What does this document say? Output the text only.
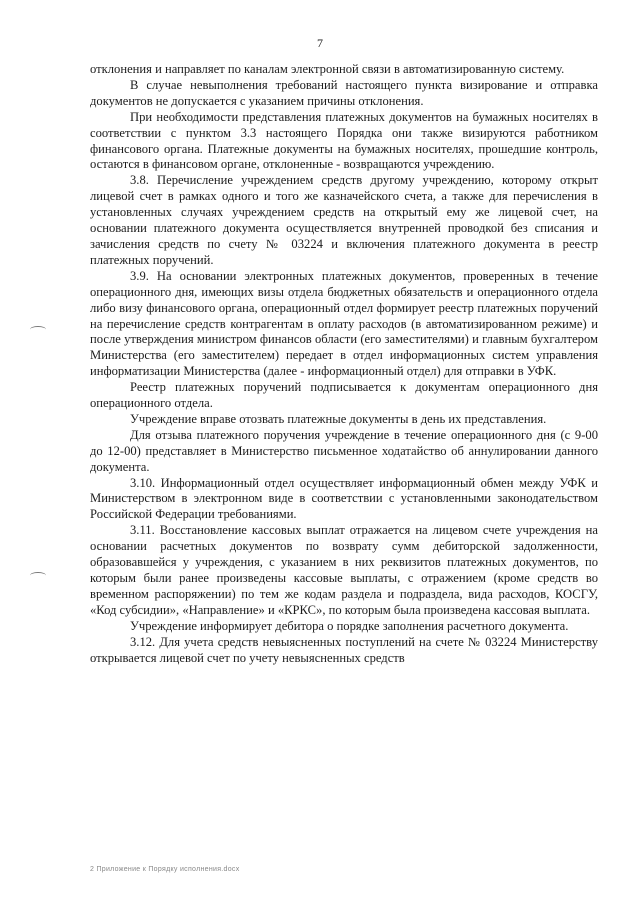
7

отклонения и направляет по каналам электронной связи в автоматизированную систему.

В случае невыполнения требований настоящего пункта визирование и отправка документов не допускается с указанием причины отклонения.

При необходимости представления платежных документов на бумажных носителях в соответствии с пунктом 3.3 настоящего Порядка они также визируются работником финансового органа. Платежные документы на бумажных носителях, прошедшие контроль, остаются в финансовом органе, отклоненные - возвращаются учреждению.

3.8. Перечисление учреждением средств другому учреждению, которому открыт лицевой счет в рамках одного и того же казначейского счета, а также для перечисления в установленных случаях учреждением средств на открытый ему же лицевой счет, на основании платежного документа осуществляется внутренней проводкой без списания и зачисления средств по счету № 03224 и включения платежного документа в реестр платежных поручений.

3.9. На основании электронных платежных документов, проверенных в течение операционного дня, имеющих визы отдела бюджетных обязательств и операционного отдела либо визу финансового органа, операционный отдел формирует реестр платежных поручений на перечисление средств контрагентам в оплату расходов (в автоматизированном режиме) и после утверждения министром финансов области (его заместителями) и главным бухгалтером Министерства (его заместителем) передает в отдел информационных систем управления информатизации Министерства (далее - информационный отдел) для отправки в УФК.

Реестр платежных поручений подписывается к документам операционного дня операционного отдела.

Учреждение вправе отозвать платежные документы в день их представления.

Для отзыва платежного поручения учреждение в течение операционного дня (с 9-00 до 12-00) представляет в Министерство письменное ходатайство об аннулировании данного документа.

3.10. Информационный отдел осуществляет информационный обмен между УФК и Министерством в электронном виде в соответствии с установленными законодательством Российской Федерации требованиями.

3.11. Восстановление кассовых выплат отражается на лицевом счете учреждения на основании расчетных документов по возврату сумм дебиторской задолженности, образовавшейся у учреждения, с указанием в них реквизитов платежных документов, по которым были ранее произведены кассовые выплаты, с отражением (кроме средств во временном распоряжении) по тем же кодам раздела и подраздела, вида расходов, КОСГУ, «Код субсидии», «Направление» и «КРКС», по которым была произведена кассовая выплата.

Учреждение информирует дебитора о порядке заполнения расчетного документа.

3.12. Для учета средств невыясненных поступлений на счете № 03224 Министерству открывается лицевой счет по учету невыясненных средств

2 Приложение к Порядку исполнения.docx
